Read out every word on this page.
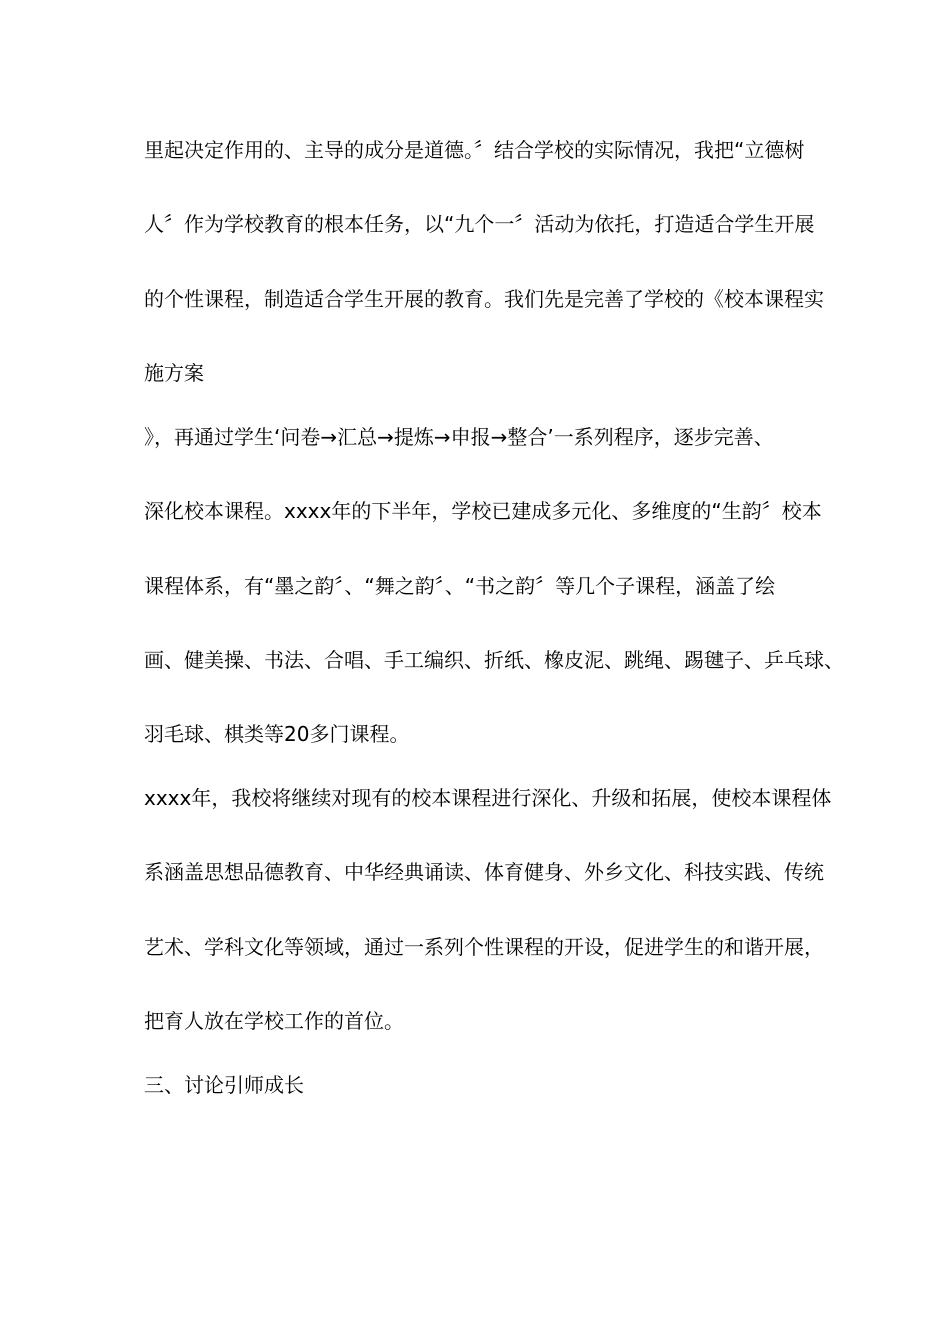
里起决定作用的、主导的成分是道德。〞结合学校的实际情况，我把“立德树

人〞作为学校教育的根本任务，以“九个一〞活动为依托，打造适合学生开展

的个性课程，制造适合学生开展的教育。我们先是完善了学校的《校本课程实

施方案

》，再通过学生‘问卷→汇总→提炼→申报→整合’一系列程序，逐步完善、

深化校本课程。xxxx年的下半年，学校已建成多元化、多维度的“生韵〞校本

课程体系，有“墨之韵〞、“舞之韵〞、“书之韵〞等几个子课程，涵盖了绘

画、健美操、书法、合唱、手工编织、折纸、橡皮泥、跳绳、踢毽子、乒乓球、

羽毛球、棋类等20多门课程。

xxxx年，我校将继续对现有的校本课程进行深化、升级和拓展，使校本课程体

系涵盖思想品德教育、中华经典诵读、体育健身、外乡文化、科技实践、传统

艺术、学科文化等领域，通过一系列个性课程的开设，促进学生的和谐开展，

把育人放在学校工作的首位。

三、讨论引师成长
